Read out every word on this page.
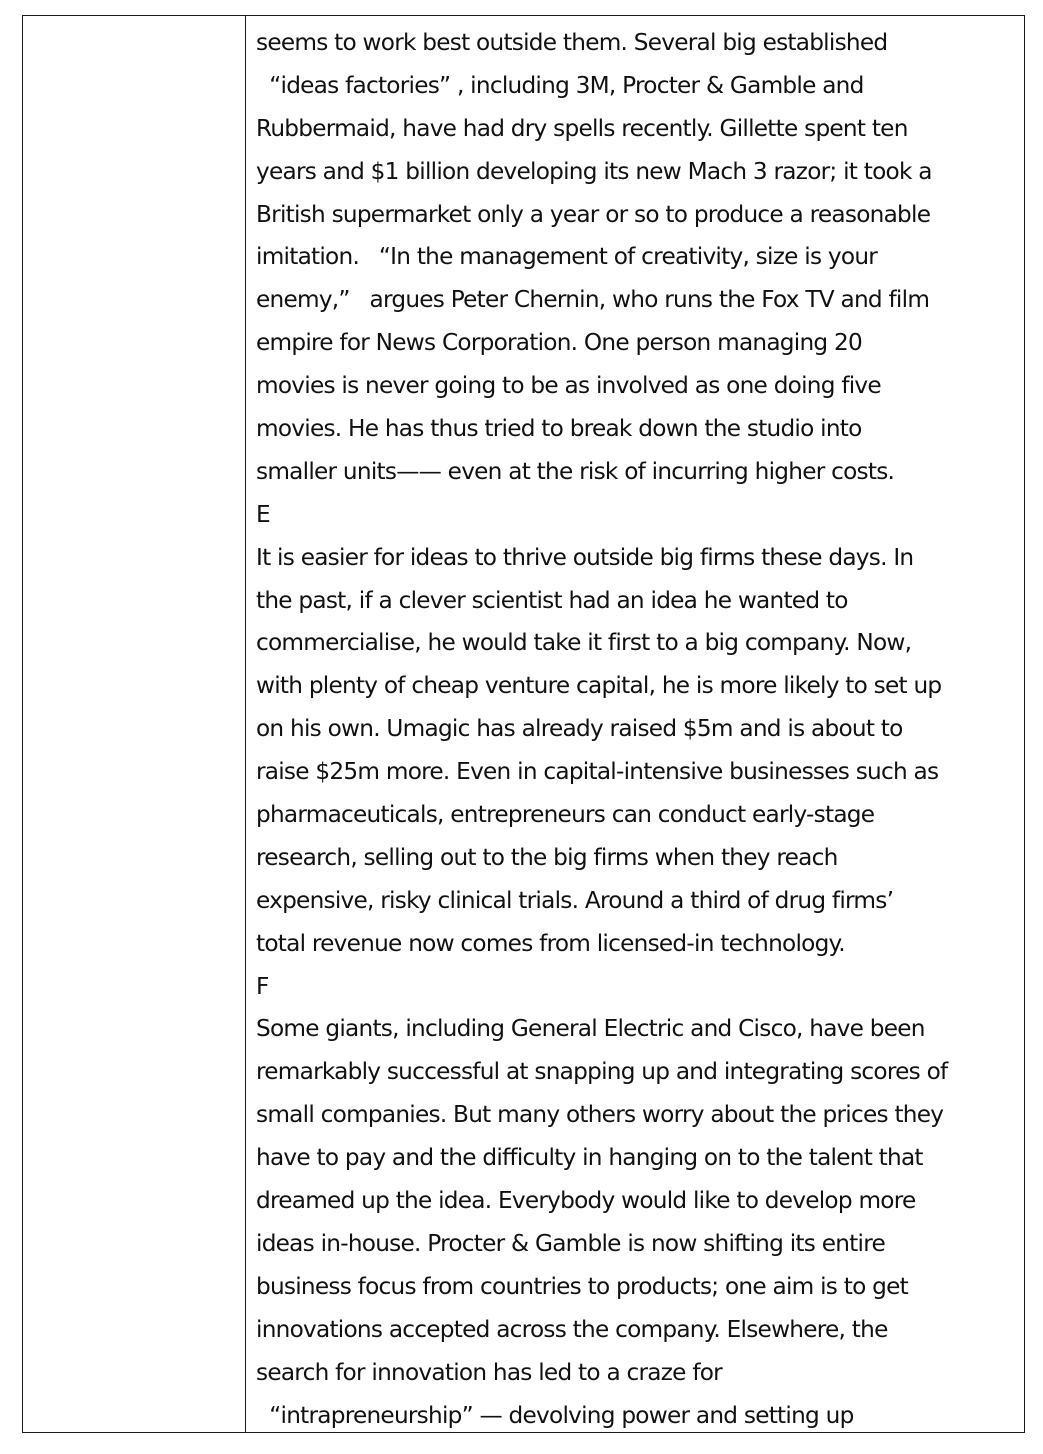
seems to work best outside them. Several big established
“ideas factories” , including 3M, Procter & Gamble and
Rubbermaid, have had dry spells recently. Gillette spent ten
years and $1 billion developing its new Mach 3 razor; it took a
British supermarket only a year or so to produce a reasonable
imitation.   “In the management of creativity, size is your
enemy,”   argues Peter Chernin, who runs the Fox TV and film
empire for News Corporation. One person managing 20
movies is never going to be as involved as one doing five
movies. He has thus tried to break down the studio into
smaller units—— even at the risk of incurring higher costs.
E
It is easier for ideas to thrive outside big firms these days. In
the past, if a clever scientist had an idea he wanted to
commercialise, he would take it first to a big company. Now,
with plenty of cheap venture capital, he is more likely to set up
on his own. Umagic has already raised $5m and is about to
raise $25m more. Even in capital-intensive businesses such as
pharmaceuticals, entrepreneurs can conduct early-stage
research, selling out to the big firms when they reach
expensive, risky clinical trials. Around a third of drug firms’
total revenue now comes from licensed-in technology.
F
Some giants, including General Electric and Cisco, have been
remarkably successful at snapping up and integrating scores of
small companies. But many others worry about the prices they
have to pay and the difficulty in hanging on to the talent that
dreamed up the idea. Everybody would like to develop more
ideas in-house. Procter & Gamble is now shifting its entire
business focus from countries to products; one aim is to get
innovations accepted across the company. Elsewhere, the
search for innovation has led to a craze for
“intrapreneurship” — devolving power and setting up
